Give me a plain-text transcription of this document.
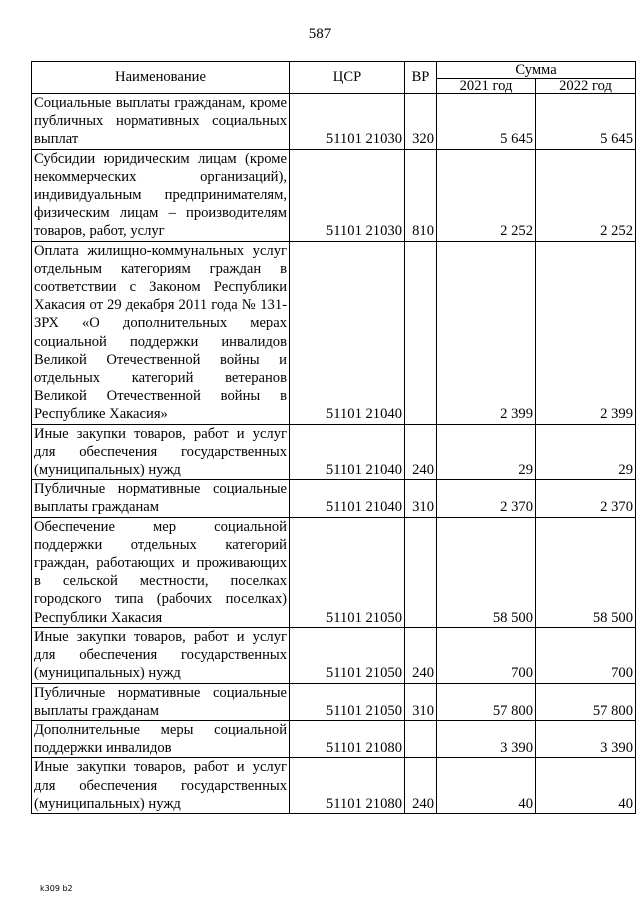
587
Наименование	ЦСР	ВР	Сумма	
			2021 год	2022 год
Социальные выплаты гражданам, кроме публичных нормативных социальных выплат	51101 21030	320	5 645	5 645
Субсидии юридическим лицам (кроме некоммерческих организаций), индивидуальным предпринимателям, физическим лицам – производителям товаров, работ, услуг	51101 21030	810	2 252	2 252
Оплата жилищно-коммунальных услуг отдельным категориям граждан в соответствии с Законом Республики Хакасия от 29 декабря 2011 года № 131-ЗРХ «О дополнительных мерах социальной поддержки инвалидов Великой Отечественной войны и отдельных категорий ветеранов Великой Отечественной войны в Республике Хакасия»	51101 21040		2 399	2 399
Иные закупки товаров, работ и услуг для обеспечения государственных (муниципальных) нужд	51101 21040	240	29	29
Публичные нормативные социальные выплаты гражданам	51101 21040	310	2 370	2 370
Обеспечение мер социальной поддержки отдельных категорий граждан, работающих и проживающих в сельской местности, поселках городского типа (рабочих поселках) Республики Хакасия	51101 21050		58 500	58 500
Иные закупки товаров, работ и услуг для обеспечения государственных (муниципальных) нужд	51101 21050	240	700	700
Публичные нормативные социальные выплаты гражданам	51101 21050	310	57 800	57 800
Дополнительные меры социальной поддержки инвалидов	51101 21080		3 390	3 390
Иные закупки товаров, работ и услуг для обеспечения государственных (муниципальных) нужд	51101 21080	240	40	40
k309 b2
